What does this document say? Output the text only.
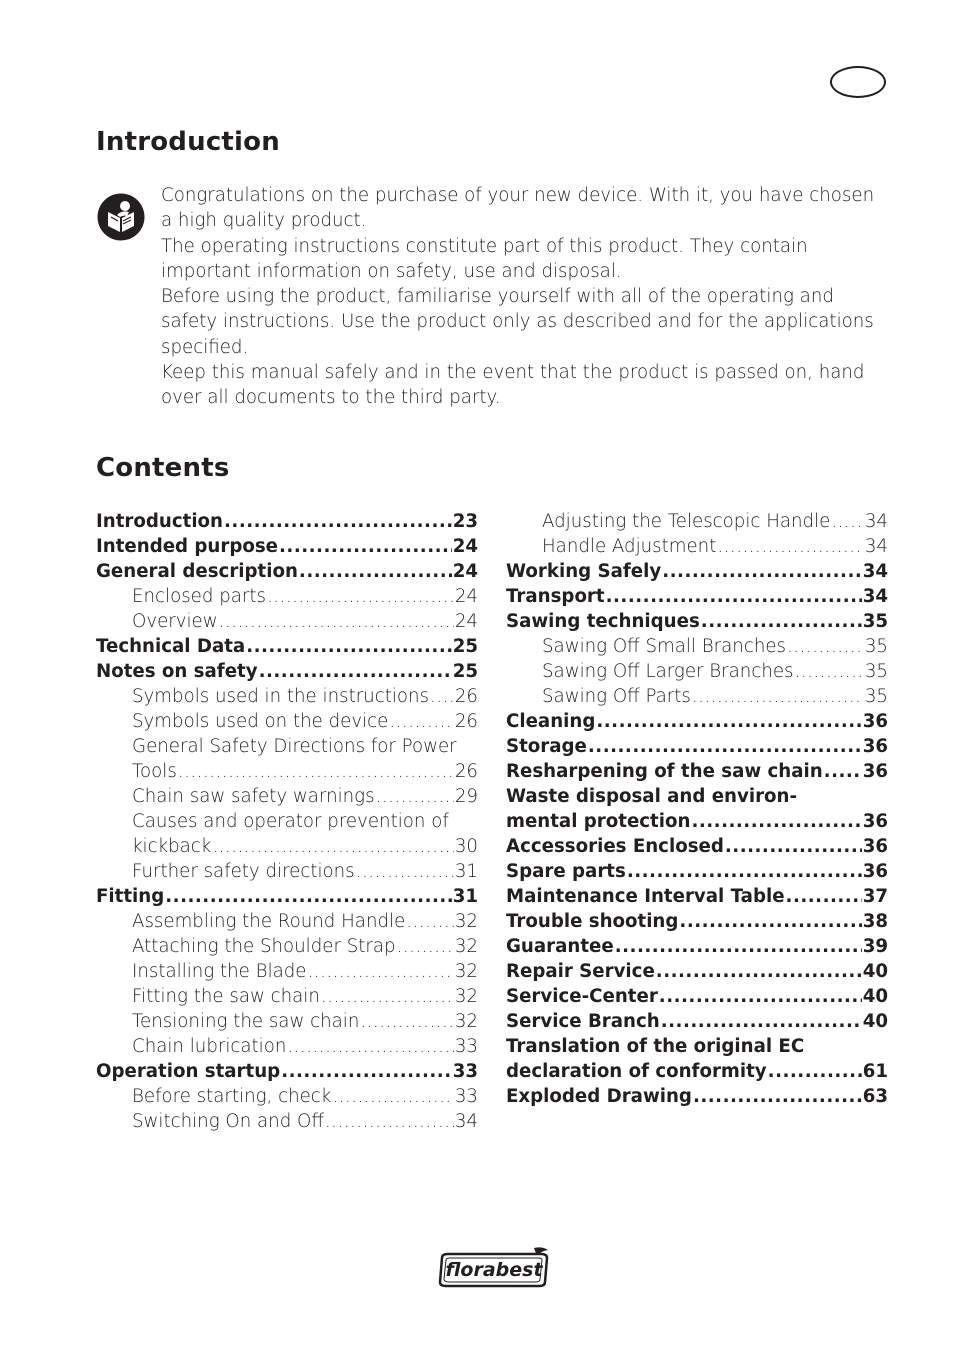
Introduction

Congratulations on the purchase of your new device. With it, you have chosen a high quality product.

The operating instructions constitute part of this product. They contain important information on safety, use and disposal.

Before using the product, familiarise yourself with all of the operating and safety instructions. Use the product only as described and for the applications specified.

Keep this manual safely and in the event that the product is passed on, hand over all documents to the third party.

Contents
Introduction .....	23
Intended purpose .....	24
General description .....	24
Enclosed parts .....	24
Overview .....	24
Technical Data .....	25
Notes on safety .....	25
Symbols used in the instructions ..... 26
Symbols used on the device .....	26
General Safety Directions for Power
Tools .....	26
Chain saw safety warnings .....	29
Causes and operator prevention of
kickback .....	30
Further safety directions .....	31
Fitting .....	31
Assembling the Round Handle .....	32
Attaching the Shoulder Strap .....	32
Installing the Blade .....	32
Fitting the saw chain .....	32
Tensioning the saw chain .....	32
Chain lubrication .....	33
Operation startup .....	33
Before starting, check .....	33
Switching On and Off .....	34
Adjusting the Telescopic Handle ..... 34
Handle Adjustment .....	34
Working Safely .....	34
Transport .....	34
Sawing techniques .....	35
Sawing Off Small Branches .....	35
Sawing Off Larger Branches .....	35
Sawing Off Parts .....	35
Cleaning .....	36
Storage .....	36
Resharpening of the saw chain ..... 36
Waste disposal and environ-
mental protection .....	36
Accessories Enclosed .....	36
Spare parts .....	36
Maintenance Interval Table .....	37
Trouble shooting .....	38
Guarantee .....	39
Repair Service .....	40
Service-Center .....	40
Service Branch .....	40
Translation of the original EC
declaration of conformity .....	61
Exploded Drawing .....	63
florabest
